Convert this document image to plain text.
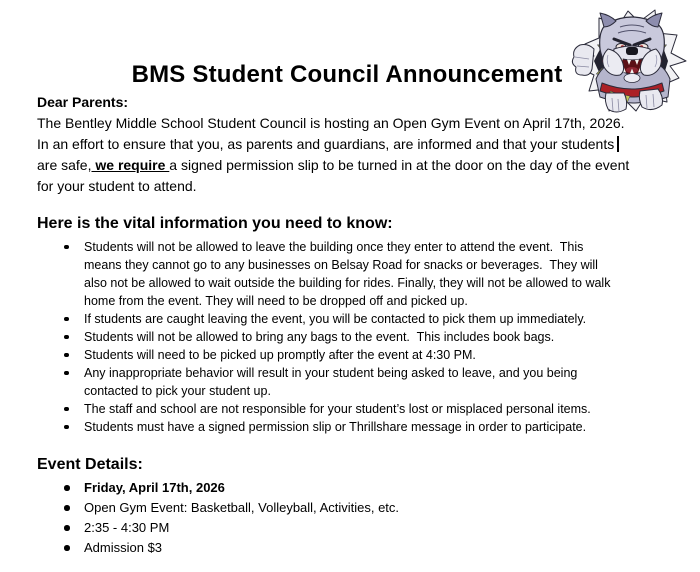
BMS Student Council Announcement
Dear Parents:
The Bentley Middle School Student Council is hosting an Open Gym Event on April 17th, 2026.
In an effort to ensure that you, as parents and guardians, are informed and that your students
are safe, we require a signed permission slip to be turned in at the door on the day of the event
for your student to attend.
Here is the vital information you need to know:
Students will not be allowed to leave the building once they enter to attend the event.  This
means they cannot go to any businesses on Belsay Road for snacks or beverages.  They will
also not be allowed to wait outside the building for rides. Finally, they will not be allowed to walk
home from the event. They will need to be dropped off and picked up.
If students are caught leaving the event, you will be contacted to pick them up immediately.
Students will not be allowed to bring any bags to the event.  This includes book bags.
Students will need to be picked up promptly after the event at 4:30 PM.
Any inappropriate behavior will result in your student being asked to leave, and you being
contacted to pick your student up.
The staff and school are not responsible for your student’s lost or misplaced personal items.
Students must have a signed permission slip or Thrillshare message in order to participate.
Event Details:
Friday, April 17th, 2026
Open Gym Event: Basketball, Volleyball, Activities, etc.
2:35 - 4:30 PM
Admission $3
